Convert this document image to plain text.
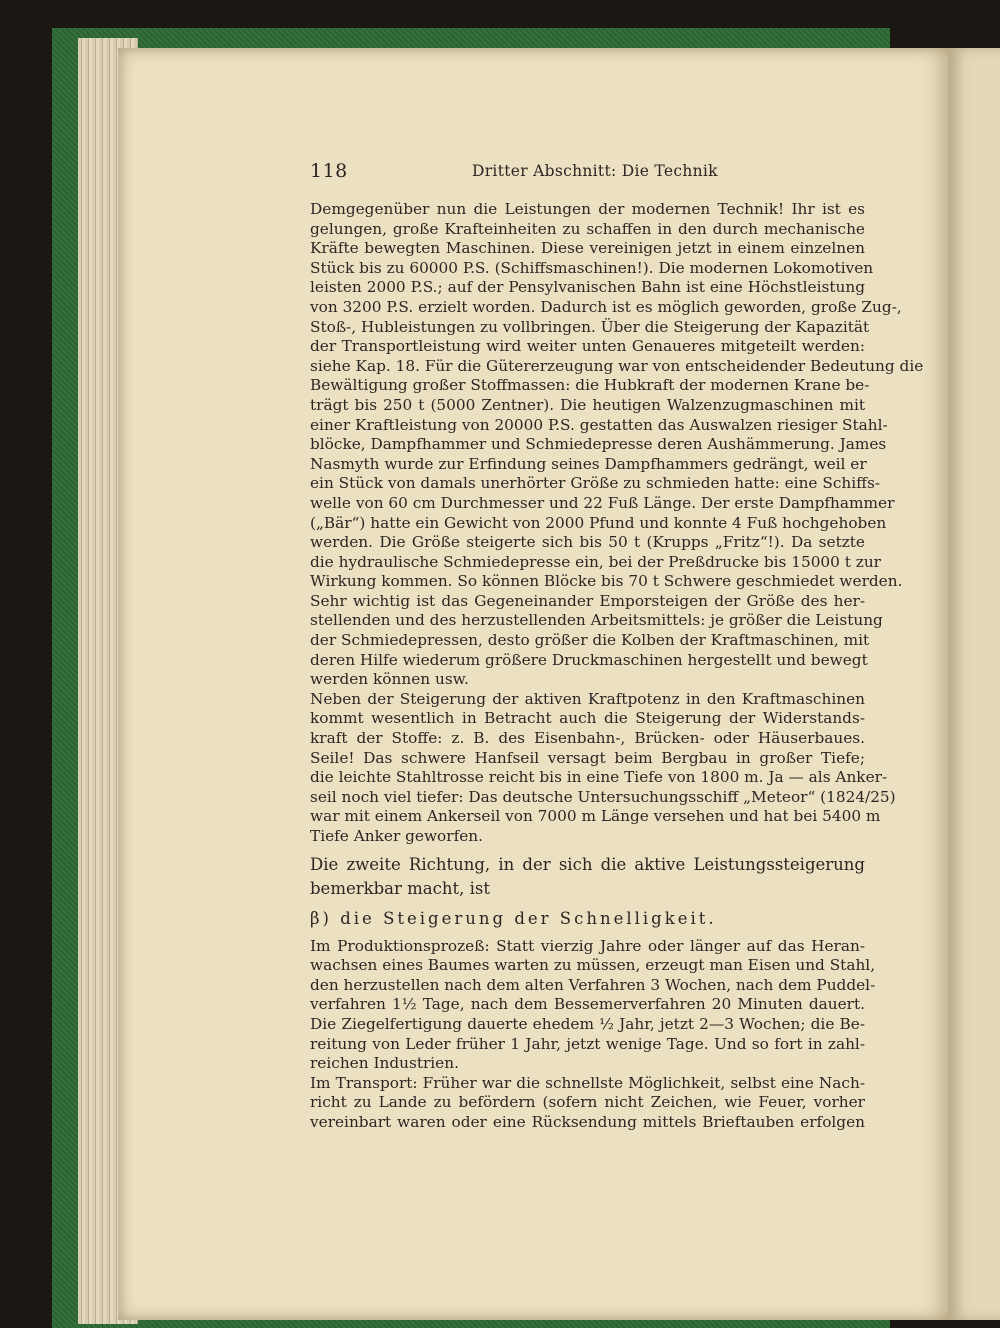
118	Dritter Abschnitt: Die Technik
Demgegenüber nun die Leistungen der modernen Technik! Ihr ist es
gelungen, große Krafteinheiten zu schaffen in den durch mechanische
Kräfte bewegten Maschinen. Diese vereinigen jetzt in einem einzelnen
Stück bis zu 60000 P.S. (Schiffsmaschinen!). Die modernen Lokomotiven
leisten 2000 P.S.; auf der Pensylvanischen Bahn ist eine Höchstleistung
von 3200 P.S. erzielt worden. Dadurch ist es möglich geworden, große Zug-,
Stoß-, Hubleistungen zu vollbringen. Über die Steigerung der Kapazität
der Transportleistung wird weiter unten Genaueres mitgeteilt werden:
siehe Kap. 18. Für die Gütererzeugung war von entscheidender Bedeutung die
Bewältigung großer Stoffmassen: die Hubkraft der modernen Krane be-
trägt bis 250 t (5000 Zentner). Die heutigen Walzenzugmaschinen mit
einer Kraftleistung von 20000 P.S. gestatten das Auswalzen riesiger Stahl-
blöcke, Dampfhammer und Schmiedepresse deren Aushämmerung. James
Nasmyth wurde zur Erfindung seines Dampfhammers gedrängt, weil er
ein Stück von damals unerhörter Größe zu schmieden hatte: eine Schiffs-
welle von 60 cm Durchmesser und 22 Fuß Länge. Der erste Dampfhammer
(„Bär“) hatte ein Gewicht von 2000 Pfund und konnte 4 Fuß hochgehoben
werden. Die Größe steigerte sich bis 50 t (Krupps „Fritz“!). Da setzte
die hydraulische Schmiedepresse ein, bei der Preßdrucke bis 15000 t zur
Wirkung kommen. So können Blöcke bis 70 t Schwere geschmiedet werden.
Sehr wichtig ist das Gegeneinander Emporsteigen der Größe des her-
stellenden und des herzustellenden Arbeitsmittels: je größer die Leistung
der Schmiedepressen, desto größer die Kolben der Kraftmaschinen, mit
deren Hilfe wiederum größere Druckmaschinen hergestellt und bewegt
werden können usw.
Neben der Steigerung der aktiven Kraftpotenz in den Kraftmaschinen
kommt wesentlich in Betracht auch die Steigerung der Widerstands-
kraft der Stoffe: z. B. des Eisenbahn-, Brücken- oder Häuserbaues.
Seile! Das schwere Hanfseil versagt beim Bergbau in großer Tiefe;
die leichte Stahltrosse reicht bis in eine Tiefe von 1800 m. Ja — als Anker-
seil noch viel tiefer: Das deutsche Untersuchungsschiff „Meteor“ (1824/25)
war mit einem Ankerseil von 7000 m Länge versehen und hat bei 5400 m
Tiefe Anker geworfen.
Die zweite Richtung, in der sich die aktive Leistungssteigerung
bemerkbar macht, ist
β) die Steigerung der Schnelligkeit.
Im Produktionsprozeß: Statt vierzig Jahre oder länger auf das Heran-
wachsen eines Baumes warten zu müssen, erzeugt man Eisen und Stahl,
den herzustellen nach dem alten Verfahren 3 Wochen, nach dem Puddel-
verfahren 1½ Tage, nach dem Bessemerverfahren 20 Minuten dauert.
Die Ziegelfertigung dauerte ehedem ½ Jahr, jetzt 2—3 Wochen; die Be-
reitung von Leder früher 1 Jahr, jetzt wenige Tage. Und so fort in zahl-
reichen Industrien.
Im Transport: Früher war die schnellste Möglichkeit, selbst eine Nach-
richt zu Lande zu befördern (sofern nicht Zeichen, wie Feuer, vorher
vereinbart waren oder eine Rücksendung mittels Brieftauben erfolgen
